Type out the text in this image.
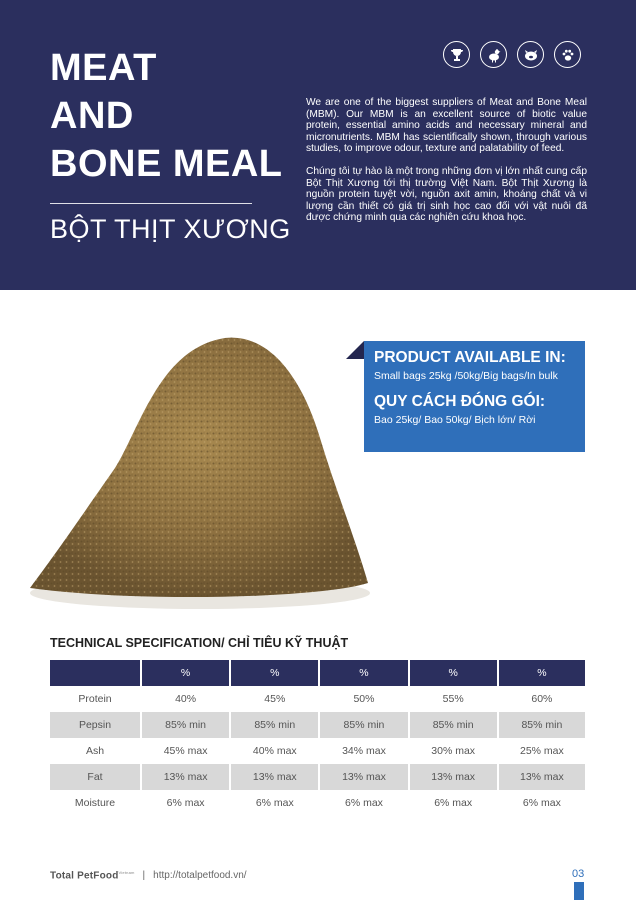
MEAT
AND
BONE MEAL
BỘT THỊT XƯƠNG

We are one of the biggest suppliers of Meat and Bone Meal (MBM). Our MBM is an excellent source of biotic value protein, essential amino acids and necessary mineral and micronutrients. MBM has scientifically shown, through various studies, to improve odour, texture and palatability of feed.

Chúng tôi tự hào là một trong những đơn vị lớn nhất cung cấp Bột Thịt Xương tới thị trường Việt Nam. Bột Thịt Xương là nguồn protein tuyệt vời, nguồn axit amin, khoáng chất và vi lượng cần thiết có giá trị sinh học cao đối với vật nuôi đã được chứng minh qua các nghiên cứu khoa học.

PRODUCT AVAILABLE IN:

Small bags 25kg /50kg/Big bags/In bulk

QUY CÁCH ĐÓNG GÓI:

Bao 25kg/ Bao 50kg/ Bịch lớn/ Rời

TECHNICAL SPECIFICATION/ CHỈ TIÊU KỸ THUẬT
	%	%	%	%	%
Protein	40%	45%	50%	55%	60%
Pepsin	85% min	85% min	85% min	85% min	85% min
Ash	45% max	40% max	34% max	30% max	25% max
Fat	13% max	13% max	13% max	13% max	13% max
Moisture	6% max	6% max	6% max	6% max	6% max
Total PetFood$^{Vietnam}$ | http://totalpetfood.vn/	03
